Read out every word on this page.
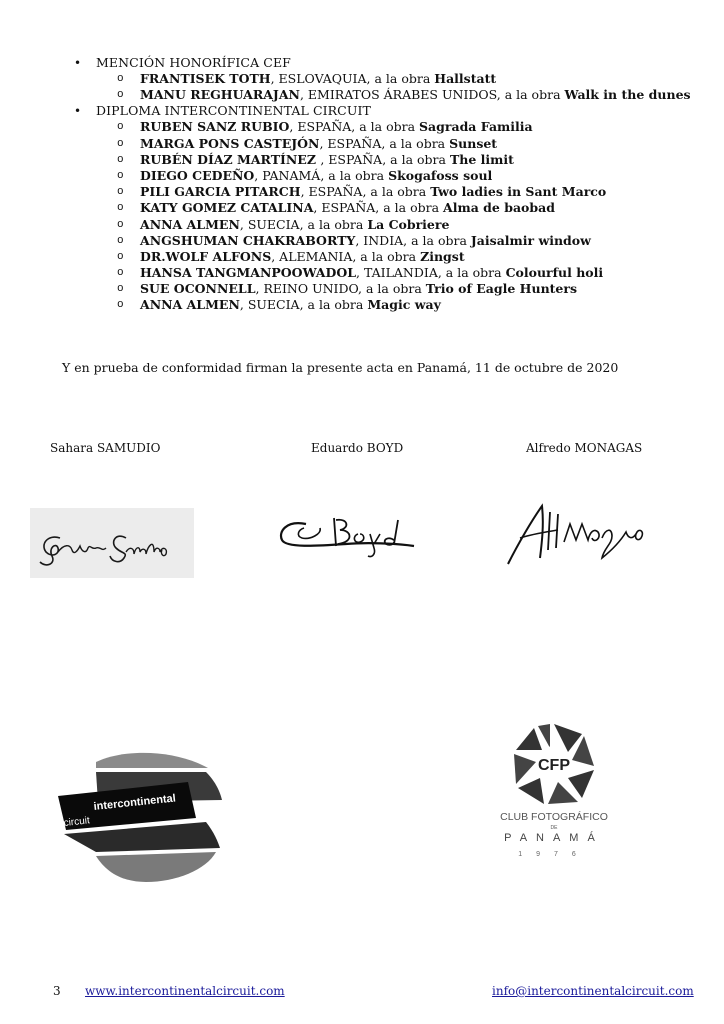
• MENCIÓN HONORÍFICA CEF
o FRANTISEK TOTH, ESLOVAQUIA, a la obra Hallstatt
o MANU REGHUARAJAN, EMIRATOS ÁRABES UNIDOS, a la obra Walk in the dunes
• DIPLOMA INTERCONTINENTAL CIRCUIT
o RUBEN SANZ RUBIO, ESPAÑA, a la obra Sagrada Familia
o MARGA PONS CASTEJÓN, ESPAÑA, a la obra Sunset
o RUBÉN DÍAZ MARTÍNEZ , ESPAÑA, a la obra The limit
o DIEGO CEDEÑO, PANAMÁ, a la obra Skogafoss soul
o PILI GARCIA PITARCH, ESPAÑA, a la obra Two ladies in Sant Marco
o KATY GOMEZ CATALINA, ESPAÑA, a la obra Alma de baobad
o ANNA ALMEN, SUECIA, a la obra La Cobriere
o ANGSHUMAN CHAKRABORTY, INDIA, a la obra Jaisalmir window
o DR.WOLF ALFONS, ALEMANIA, a la obra Zingst
o HANSA TANGMANPOOWADOL, TAILANDIA, a la obra Colourful holi
o SUE OCONNELL, REINO UNIDO, a la obra Trio of Eagle Hunters
o ANNA ALMEN, SUECIA, a la obra Magic way
Y en prueba de conformidad firman la presente acta en Panamá, 11 de octubre de 2020
Sahara SAMUDIO	Eduardo BOYD	Alfredo MONAGAS
intercontinental
circuit
CFP
CLUB FOTOGRÁFICO
DE
PANAMÁ
1976
3 www.intercontinentalcircuit.com	info@intercontinentalcircuit.com
